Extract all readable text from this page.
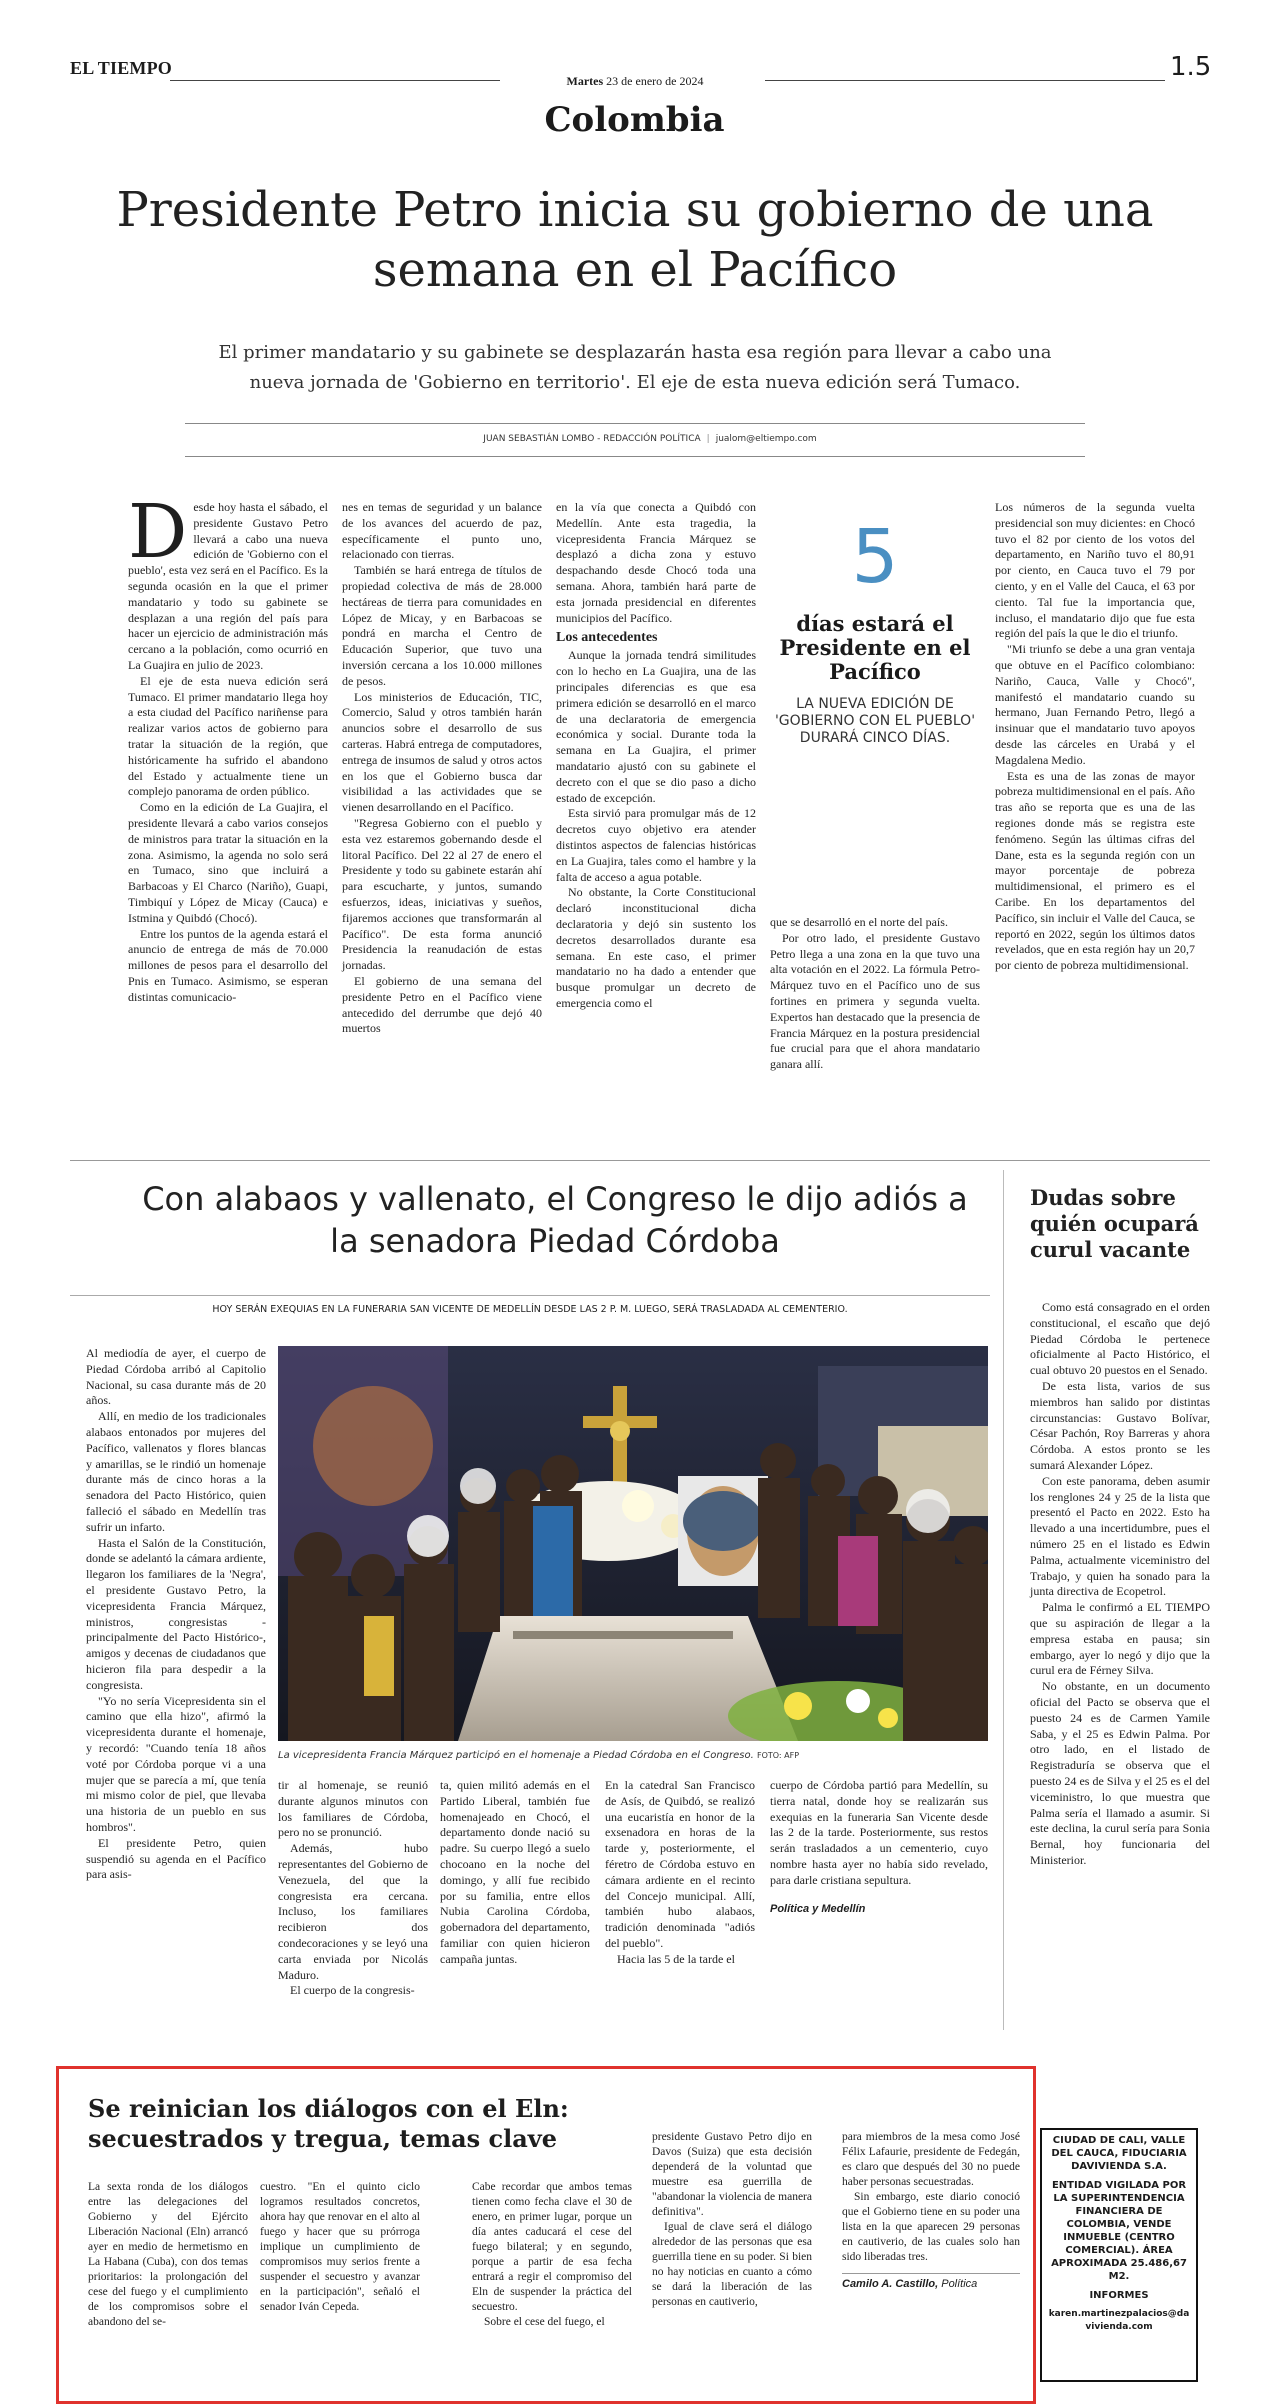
EL TIEMPO
Martes 23 de enero de 2024	1.5
Colombia
Presidente Petro inicia su gobierno de una semana en el Pacífico
El primer mandatario y su gabinete se desplazarán hasta esa región para llevar a cabo una nueva jornada de 'Gobierno en territorio'. El eje de esta nueva edición será Tumaco.
JUAN SEBASTIÁN LOMBO - REDACCIÓN POLÍTICA | jualom@eltiempo.com
D esde hoy hasta el sábado, el presidente Gustavo Petro llevará a cabo una nueva edición de 'Gobierno con el pueblo', esta vez será en el Pacífico. Es la segunda ocasión en la que el primer mandatario y todo su gabinete se desplazan a una región del país para hacer un ejercicio de administración más cercano a la población, como ocurrió en La Guajira en julio de 2023.

El eje de esta nueva edición será Tumaco. El primer mandatario llega hoy a esta ciudad del Pacífico nariñense para realizar varios actos de gobierno para tratar la situación de la región, que históricamente ha sufrido el abandono del Estado y actualmente tiene un complejo panorama de orden público.

Como en la edición de La Guajira, el presidente llevará a cabo varios consejos de ministros para tratar la situación en la zona. Asimismo, la agenda no solo será en Tumaco, sino que incluirá a Barbacoas y El Charco (Nariño), Guapi, Timbiquí y López de Micay (Cauca) e Istmina y Quibdó (Chocó).

Entre los puntos de la agenda estará el anuncio de entrega de más de 70.000 millones de pesos para el desarrollo del Pnis en Tumaco. Asimismo, se esperan distintas comunicacio-

nes en temas de seguridad y un balance de los avances del acuerdo de paz, específicamente el punto uno, relacionado con tierras.

También se hará entrega de títulos de propiedad colectiva de más de 28.000 hectáreas de tierra para comunidades en López de Micay, y en Barbacoas se pondrá en marcha el Centro de Educación Superior, que tuvo una inversión cercana a los 10.000 millones de pesos.

Los ministerios de Educación, TIC, Comercio, Salud y otros también harán anuncios sobre el desarrollo de sus carteras. Habrá entrega de computadores, entrega de insumos de salud y otros actos en los que el Gobierno busca dar visibilidad a las actividades que se vienen desarrollando en el Pacífico.

"Regresa Gobierno con el pueblo y esta vez estaremos gobernando desde el litoral Pacífico. Del 22 al 27 de enero el Presidente y todo su gabinete estarán ahí para escucharte, y juntos, sumando esfuerzos, ideas, iniciativas y sueños, fijaremos acciones que transformarán al Pacífico". De esta forma anunció Presidencia la reanudación de estas jornadas.

El gobierno de una semana del presidente Petro en el Pacífico viene antecedido del derrumbe que dejó 40 muertos

en la vía que conecta a Quibdó con Medellín. Ante esta tragedia, la vicepresidenta Francia Márquez se desplazó a dicha zona y estuvo despachando desde Chocó toda una semana. Ahora, también hará parte de esta jornada presidencial en diferentes municipios del Pacífico.

Los antecedentes

Aunque la jornada tendrá similitudes con lo hecho en La Guajira, una de las principales diferencias es que esa primera edición se desarrolló en el marco de una declaratoria de emergencia económica y social. Durante toda la semana en La Guajira, el primer mandatario ajustó con su gabinete el decreto con el que se dio paso a dicho estado de excepción.

Esta sirvió para promulgar más de 12 decretos cuyo objetivo era atender distintos aspectos de falencias históricas en La Guajira, tales como el hambre y la falta de acceso a agua potable.

No obstante, la Corte Constitucional declaró inconstitucional dicha declaratoria y dejó sin sustento los decretos desarrollados durante esa semana. En este caso, el primer mandatario no ha dado a entender que busque promulgar un decreto de emergencia como el

5
días estará el Presidente en el Pacífico
LA NUEVA EDICIÓN DE 'GOBIERNO CON EL PUEBLO' DURARÁ CINCO DÍAS.

que se desarrolló en el norte del país.

Por otro lado, el presidente Gustavo Petro llega a una zona en la que tuvo una alta votación en el 2022. La fórmula Petro-Márquez tuvo en el Pacífico uno de sus fortines en primera y segunda vuelta. Expertos han destacado que la presencia de Francia Márquez en la postura presidencial fue crucial para que el ahora mandatario ganara allí.

Los números de la segunda vuelta presidencial son muy dicientes: en Chocó tuvo el 82 por ciento de los votos del departamento, en Nariño tuvo el 80,91 por ciento, en Cauca tuvo el 79 por ciento, y en el Valle del Cauca, el 63 por ciento. Tal fue la importancia que, incluso, el mandatario dijo que fue esta región del país la que le dio el triunfo.

"Mi triunfo se debe a una gran ventaja que obtuve en el Pacífico colombiano: Nariño, Cauca, Valle y Chocó", manifestó el mandatario cuando su hermano, Juan Fernando Petro, llegó a insinuar que el mandatario tuvo apoyos desde las cárceles en Urabá y el Magdalena Medio.

Esta es una de las zonas de mayor pobreza multidimensional en el país. Año tras año se reporta que es una de las regiones donde más se registra este fenómeno. Según las últimas cifras del Dane, esta es la segunda región con un mayor porcentaje de pobreza multidimensional, el primero es el Caribe. En los departamentos del Pacífico, sin incluir el Valle del Cauca, se reportó en 2022, según los últimos datos revelados, que en esta región hay un 20,7 por ciento de pobreza multidimensional.

Con alabaos y vallenato, el Congreso le dijo adiós a la senadora Piedad Córdoba
HOY SERÁN EXEQUIAS EN LA FUNERARIA SAN VICENTE DE MEDELLÍN DESDE LAS 2 P. M. LUEGO, SERÁ TRASLADADA AL CEMENTERIO.

Al mediodía de ayer, el cuerpo de Piedad Córdoba arribó al Capitolio Nacional, su casa durante más de 20 años.

Allí, en medio de los tradicionales alabaos entonados por mujeres del Pacífico, vallenatos y flores blancas y amarillas, se le rindió un homenaje durante más de cinco horas a la senadora del Pacto Histórico, quien falleció el sábado en Medellín tras sufrir un infarto.

Hasta el Salón de la Constitución, donde se adelantó la cámara ardiente, llegaron los familiares de la 'Negra', el presidente Gustavo Petro, la vicepresidenta Francia Márquez, ministros, congresistas -principalmente del Pacto Histórico-, amigos y decenas de ciudadanos que hicieron fila para despedir a la congresista.

"Yo no sería Vicepresidenta sin el camino que ella hizo", afirmó la vicepresidenta durante el homenaje, y recordó: "Cuando tenía 18 años voté por Córdoba porque vi a una mujer que se parecía a mí, que tenía mi mismo color de piel, que llevaba una historia de un pueblo en sus hombros".

El presidente Petro, quien suspendió su agenda en el Pacífico para asis-

La vicepresidenta Francia Márquez participó en el homenaje a Piedad Córdoba en el Congreso. FOTO: AFP

tir al homenaje, se reunió durante algunos minutos con los familiares de Córdoba, pero no se pronunció.

Además, hubo representantes del Gobierno de Venezuela, del que la congresista era cercana. Incluso, los familiares recibieron dos condecoraciones y se leyó una carta enviada por Nicolás Maduro.

El cuerpo de la congresis-

ta, quien militó además en el Partido Liberal, también fue homenajeado en Chocó, el departamento donde nació su padre. Su cuerpo llegó a suelo chocoano en la noche del domingo, y allí fue recibido por su familia, entre ellos Nubia Carolina Córdoba, gobernadora del departamento, familiar con quien hicieron campaña juntas.

En la catedral San Francisco de Asís, de Quibdó, se realizó una eucaristía en honor de la exsenadora en horas de la tarde y, posteriormente, el féretro de Córdoba estuvo en cámara ardiente en el recinto del Concejo municipal. Allí, también hubo alabaos, tradición denominada "adiós del pueblo".

Hacia las 5 de la tarde el

cuerpo de Córdoba partió para Medellín, su tierra natal, donde hoy se realizarán sus exequias en la funeraria San Vicente desde las 2 de la tarde. Posteriormente, sus restos serán trasladados a un cementerio, cuyo nombre hasta ayer no había sido revelado, para darle cristiana sepultura.

Política y Medellín
Dudas sobre quién ocupará curul vacante

Como está consagrado en el orden constitucional, el escaño que dejó Piedad Córdoba le pertenece oficialmente al Pacto Histórico, el cual obtuvo 20 puestos en el Senado.

De esta lista, varios de sus miembros han salido por distintas circunstancias: Gustavo Bolívar, César Pachón, Roy Barreras y ahora Córdoba. A estos pronto se les sumará Alexander López.

Con este panorama, deben asumir los renglones 24 y 25 de la lista que presentó el Pacto en 2022. Esto ha llevado a una incertidumbre, pues el número 25 en el listado es Edwin Palma, actualmente viceministro del Trabajo, y quien ha sonado para la junta directiva de Ecopetrol.

Palma le confirmó a EL TIEMPO que su aspiración de llegar a la empresa estaba en pausa; sin embargo, ayer lo negó y dijo que la curul era de Férney Silva.

No obstante, en un documento oficial del Pacto se observa que el puesto 24 es de Carmen Yamile Saba, y el 25 es Edwin Palma. Por otro lado, en el listado de Registraduría se observa que el puesto 24 es de Silva y el 25 es el del viceministro, lo que muestra que Palma sería el llamado a asumir. Si este declina, la curul sería para Sonia Bernal, hoy funcionaria del Ministerior.

Se reinician los diálogos con el Eln: secuestrados y tregua, temas clave

La sexta ronda de los diálogos entre las delegaciones del Gobierno y del Ejército Liberación Nacional (Eln) arrancó ayer en medio de hermetismo en La Habana (Cuba), con dos temas prioritarios: la prolongación del cese del fuego y el cumplimiento de los compromisos sobre el abandono del se-

cuestro. "En el quinto ciclo logramos resultados concretos, ahora hay que renovar en el alto al fuego y hacer que su prórroga implique un cumplimiento de compromisos muy serios frente a suspender el secuestro y avanzar en la participación", señaló el senador Iván Cepeda.

Cabe recordar que ambos temas tienen como fecha clave el 30 de enero, en primer lugar, porque un día antes caducará el cese del fuego bilateral; y en segundo, porque a partir de esa fecha entrará a regir el compromiso del Eln de suspender la práctica del secuestro.

Sobre el cese del fuego, el

presidente Gustavo Petro dijo en Davos (Suiza) que esta decisión dependerá de la voluntad que muestre esa guerrilla de "abandonar la violencia de manera definitiva".

Igual de clave será el diálogo alrededor de las personas que esa guerrilla tiene en su poder. Si bien no hay noticias en cuanto a cómo se dará la liberación de las personas en cautiverio,

para miembros de la mesa como José Félix Lafaurie, presidente de Fedegán, es claro que después del 30 no puede haber personas secuestradas.

Sin embargo, este diario conoció que el Gobierno tiene en su poder una lista en la que aparecen 29 personas en cautiverio, de las cuales solo han sido liberadas tres.

Camilo A. Castillo, Política
CIUDAD DE CALI, VALLE DEL CAUCA, FIDUCIARIA DAVIVIENDA S.A.
ENTIDAD VIGILADA POR LA SUPERINTENDENCIA FINANCIERA DE COLOMBIA, VENDE INMUEBLE (CENTRO COMERCIAL). ÁREA APROXIMADA 25.486,67 M2.
INFORMES
karen.martinezpalacios@davivienda.com
